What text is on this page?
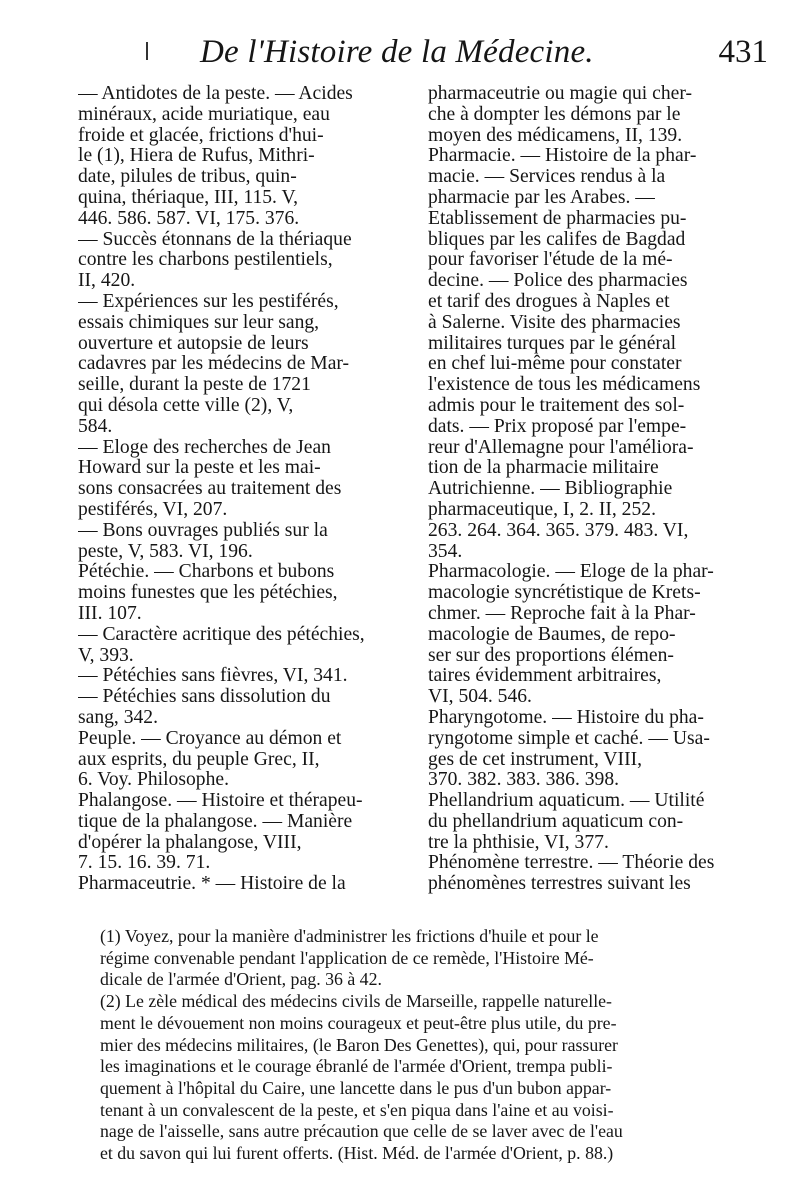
De l'Histoire de la Médecine.	431
— Antidotes de la peste. — Acides
minéraux, acide muriatique, eau
froide et glacée, frictions d'hui-
le (1), Hiera de Rufus, Mithri-
date, pilules de tribus, quin-
quina, thériaque, III, 115. V,
446. 586. 587. VI, 175. 376.
— Succès étonnans de la thériaque
contre les charbons pestilentiels,
II, 420.
— Expériences sur les pestiférés,
essais chimiques sur leur sang,
ouverture et autopsie de leurs
cadavres par les médecins de Mar-
seille, durant la peste de 1721
qui désola cette ville (2), V,
584.
— Eloge des recherches de Jean
Howard sur la peste et les mai-
sons consacrées au traitement des
pestiférés, VI, 207.
— Bons ouvrages publiés sur la
peste, V, 583. VI, 196.
Pétéchie. — Charbons et bubons
moins funestes que les pétéchies,
III. 107.
— Caractère acritique des pétéchies,
V, 393.
— Pétéchies sans fièvres, VI, 341.
— Pétéchies sans dissolution du
sang, 342.
Peuple. — Croyance au démon et
aux esprits, du peuple Grec, II,
6. Voy. Philosophe.
Phalangose. — Histoire et thérapeu-
tique de la phalangose. — Manière
d'opérer la phalangose, VIII,
7. 15. 16. 39. 71.
Pharmaceutrie. * — Histoire de la
pharmaceutrie ou magie qui cher-
che à dompter les démons par le
moyen des médicamens, II, 139.
Pharmacie. — Histoire de la phar-
macie. — Services rendus à la
pharmacie par les Arabes. —
Etablissement de pharmacies pu-
bliques par les califes de Bagdad
pour favoriser l'étude de la mé-
decine. — Police des pharmacies
et tarif des drogues à Naples et
à Salerne. Visite des pharmacies
militaires turques par le général
en chef lui-même pour constater
l'existence de tous les médicamens
admis pour le traitement des sol-
dats. — Prix proposé par l'empe-
reur d'Allemagne pour l'améliora-
tion de la pharmacie militaire
Autrichienne. — Bibliographie
pharmaceutique, I, 2. II, 252.
263. 264. 364. 365. 379. 483. VI,
354.
Pharmacologie. — Eloge de la phar-
macologie syncrétistique de Krets-
chmer. — Reproche fait à la Phar-
macologie de Baumes, de repo-
ser sur des proportions élémen-
taires évidemment arbitraires,
VI, 504. 546.
Pharyngotome. — Histoire du pha-
ryngotome simple et caché. — Usa-
ges de cet instrument, VIII,
370. 382. 383. 386. 398.
Phellandrium aquaticum. — Utilité
du phellandrium aquaticum con-
tre la phthisie, VI, 377.
Phénomène terrestre. — Théorie des
phénomènes terrestres suivant les
(1) Voyez, pour la manière d'administrer les frictions d'huile et pour le
régime convenable pendant l'application de ce remède, l'Histoire Mé-
dicale de l'armée d'Orient, pag. 36 à 42.
(2) Le zèle médical des médecins civils de Marseille, rappelle naturelle-
ment le dévouement non moins courageux et peut-être plus utile, du pre-
mier des médecins militaires, (le Baron Des Genettes), qui, pour rassurer
les imaginations et le courage ébranlé de l'armée d'Orient, trempa publi-
quement à l'hôpital du Caire, une lancette dans le pus d'un bubon appar-
tenant à un convalescent de la peste, et s'en piqua dans l'aine et au voisi-
nage de l'aisselle, sans autre précaution que celle de se laver avec de l'eau
et du savon qui lui furent offerts. (Hist. Méd. de l'armée d'Orient, p. 88.)
